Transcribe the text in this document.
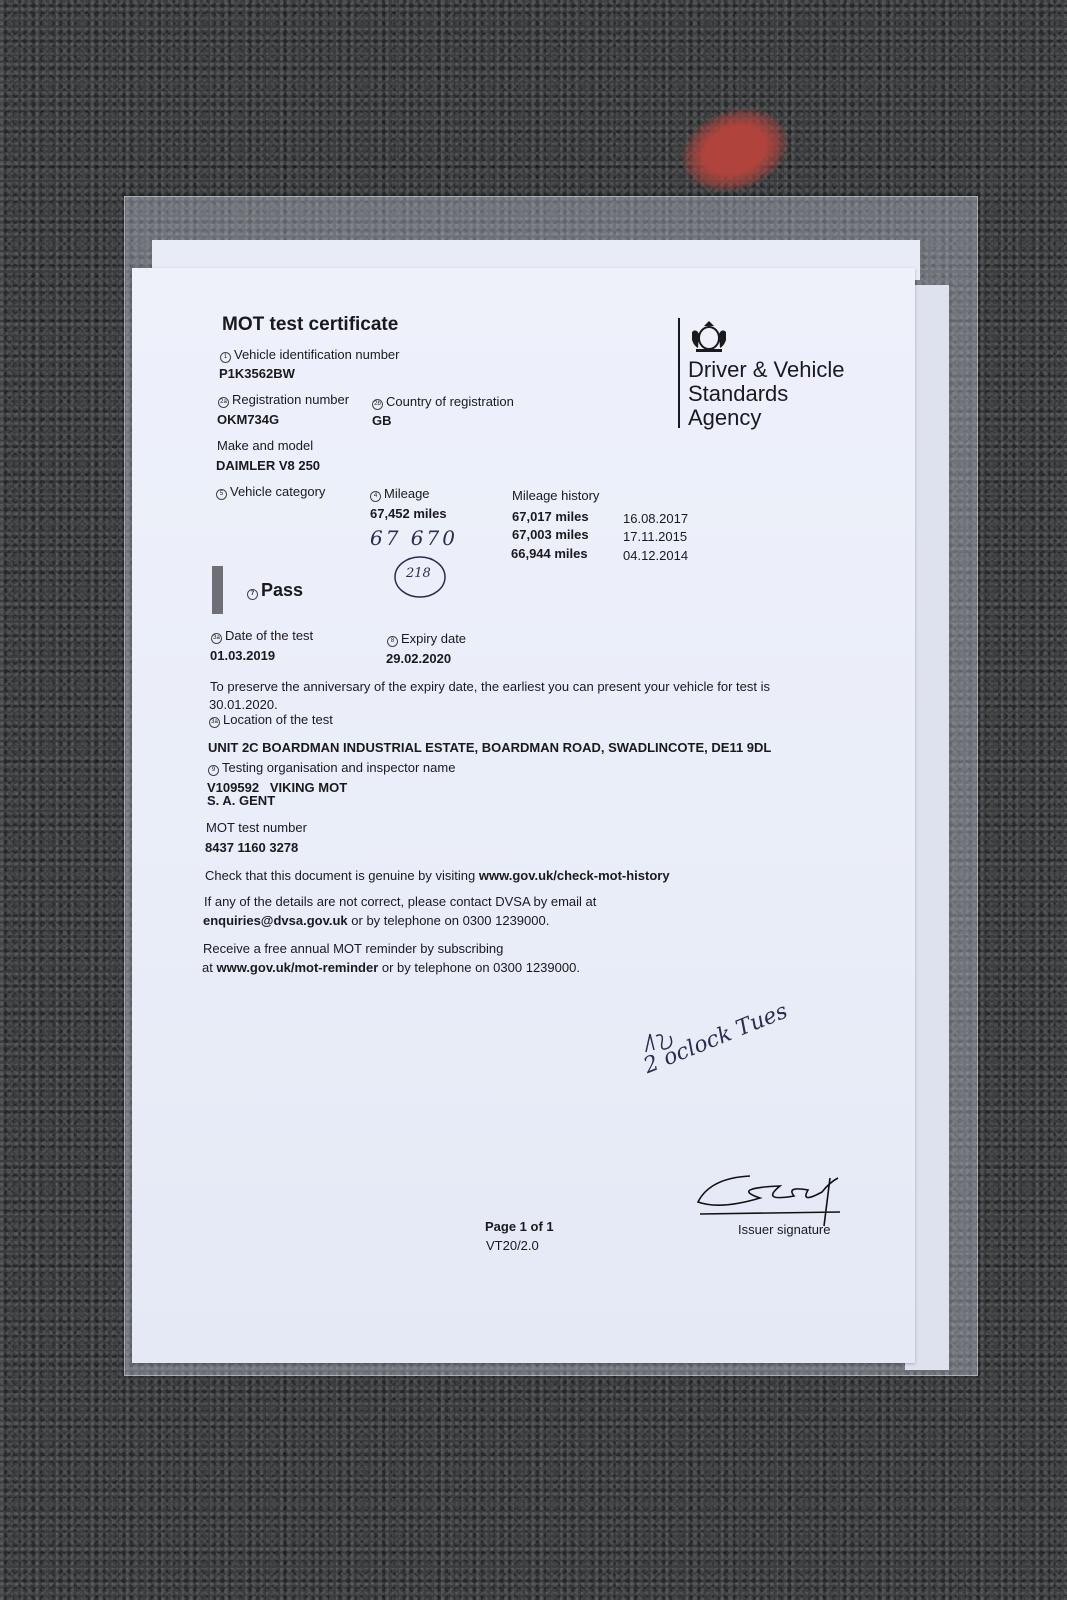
MOT test certificate
Driver & Vehicle
Standards
Agency
1 Vehicle identification number
P1K3562BW
2a Registration number
OKM734G
2b Country of registration
GB
Make and model
DAIMLER V8 250
5 Vehicle category	4 Mileage
67,452 miles
Mileage history
67,017 miles	16.08.2017
67,003 miles	17.11.2015
66,944 miles	04.12.2014
67 670
218
7 Pass
3a Date of the test
01.03.2019
8 Expiry date
29.02.2020
To preserve the anniversary of the expiry date, the earliest you can present your vehicle for test is
30.01.2020.
3a Location of the test
UNIT 2C BOARDMAN INDUSTRIAL ESTATE, BOARDMAN ROAD, SWADLINCOTE, DE11 9DL
9 Testing organisation and inspector name
V109592   VIKING MOT
S. A. GENT
MOT test number
8437 1160 3278
Check that this document is genuine by visiting www.gov.uk/check-mot-history
If any of the details are not correct, please contact DVSA by email at
enquiries@dvsa.gov.uk or by telephone on 0300 1239000.
Receive a free annual MOT reminder by subscribing
at www.gov.uk/mot-reminder or by telephone on 0300 1239000.
2 oclock Tues
Issuer signature
Page 1 of 1
VT20/2.0
